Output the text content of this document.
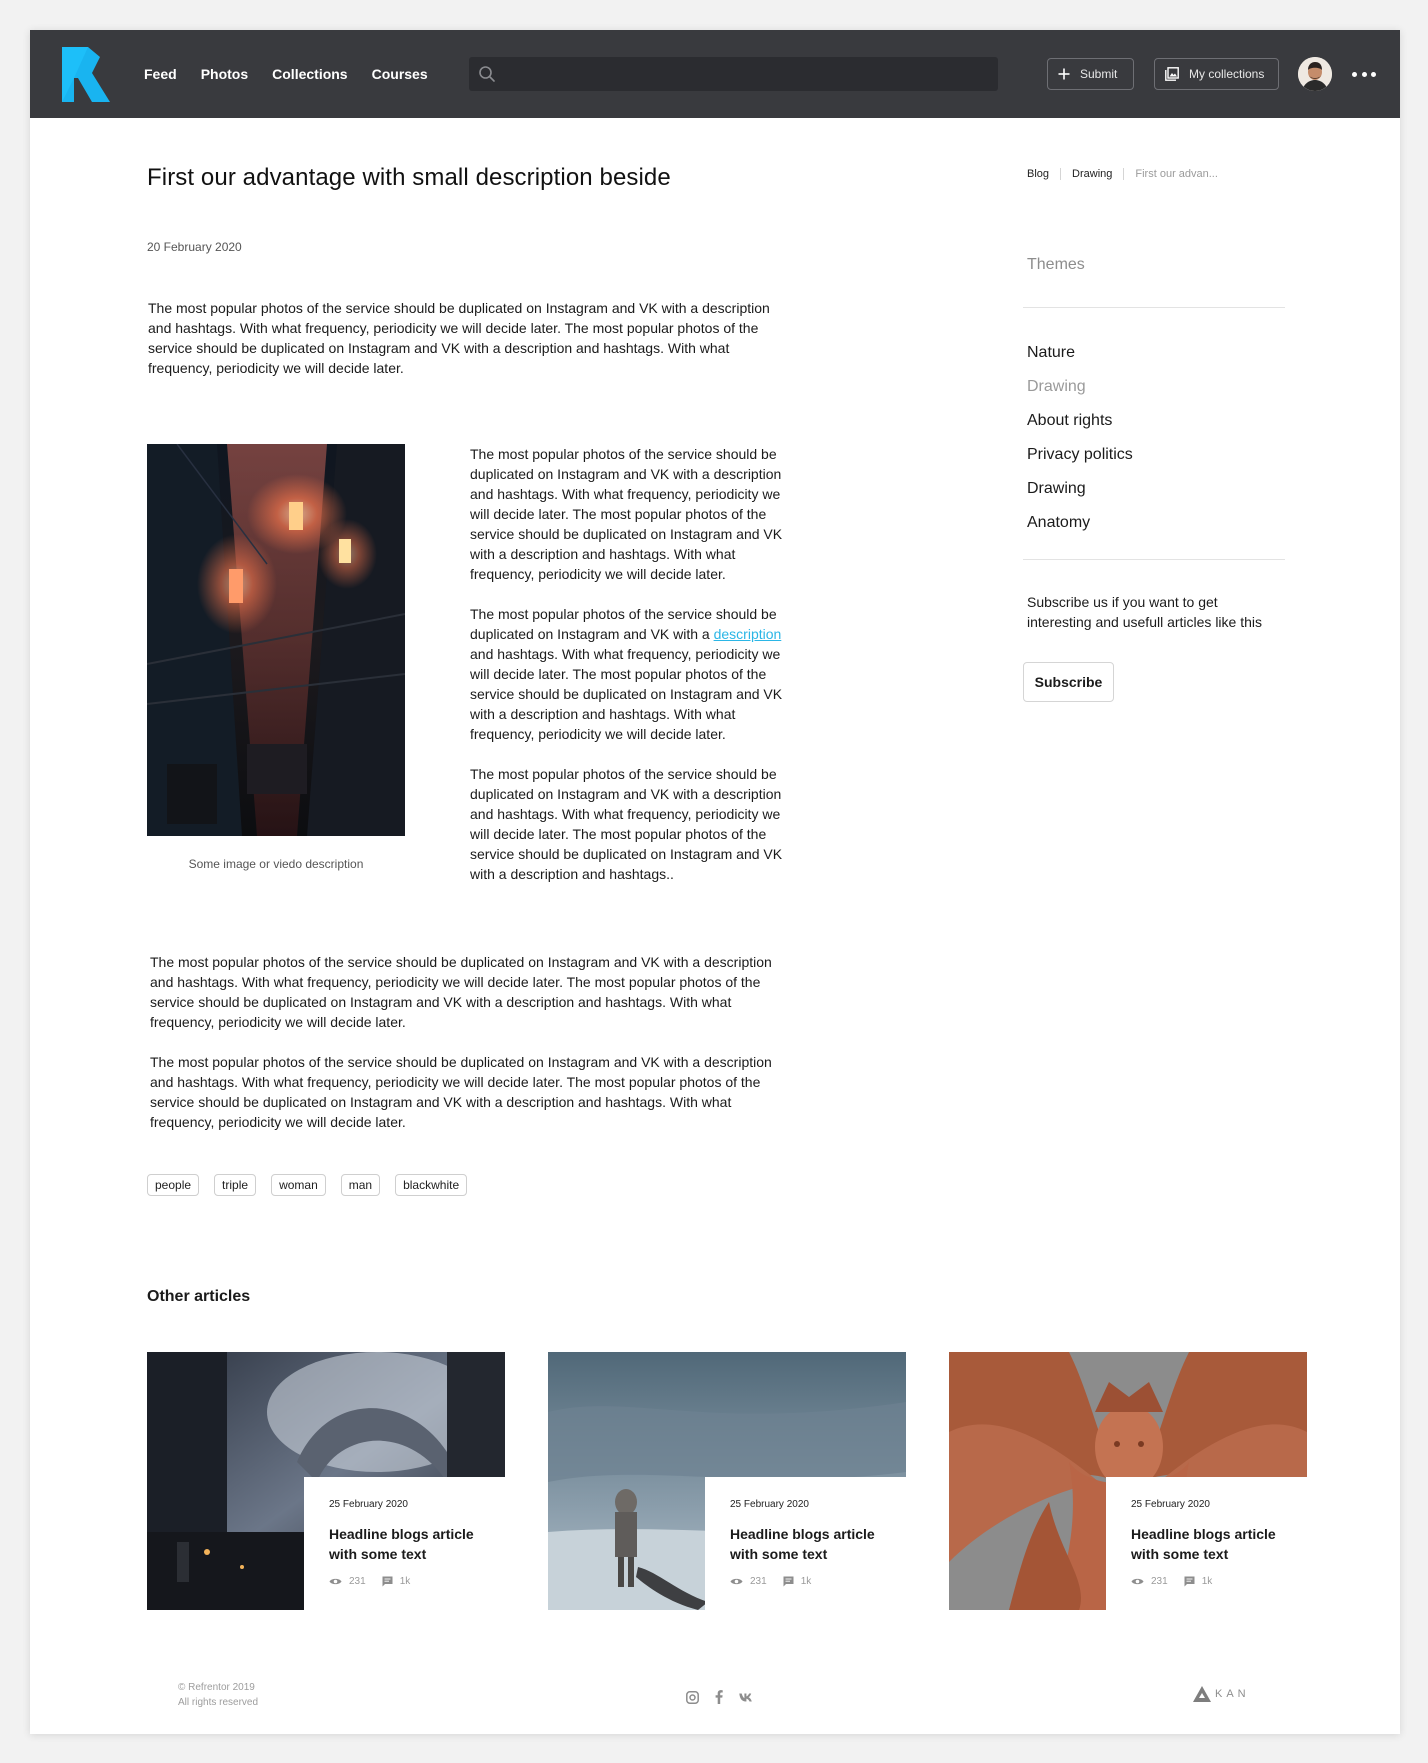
Feed Photos Collections Courses	Submit	My collections
First our advantage with small description beside
20 February 2020

The most popular photos of the service should be duplicated on Instagram and VK with a description and hashtags. With what frequency, periodicity we will decide later. The most popular photos of the service should be duplicated on Instagram and VK with a description and hashtags. With what frequency, periodicity we will decide later.

Some image or viedo description

The most popular photos of the service should be duplicated on Instagram and VK with a description and hashtags. With what frequency, periodicity we will decide later. The most popular photos of the service should be duplicated on Instagram and VK with a description and hashtags. With what frequency, periodicity we will decide later.

The most popular photos of the service should be duplicated on Instagram and VK with a description and hashtags. With what frequency, periodicity we will decide later. The most popular photos of the service should be duplicated on Instagram and VK with a description and hashtags. With what frequency, periodicity we will decide later.

The most popular photos of the service should be duplicated on Instagram and VK with a description and hashtags. With what frequency, periodicity we will decide later. The most popular photos of the service should be duplicated on Instagram and VK with a description and hashtags..

The most popular photos of the service should be duplicated on Instagram and VK with a description and hashtags. With what frequency, periodicity we will decide later. The most popular photos of the service should be duplicated on Instagram and VK with a description and hashtags. With what frequency, periodicity we will decide later.

The most popular photos of the service should be duplicated on Instagram and VK with a description and hashtags. With what frequency, periodicity we will decide later. The most popular photos of the service should be duplicated on Instagram and VK with a description and hashtags. With what frequency, periodicity we will decide later.

people	triple	woman	man	blackwhite
Blog	Drawing	First our advan...
Themes
Nature
Drawing
About rights
Privacy politics
Drawing
Anatomy

Subscribe us if you want to get interesting and usefull articles like this

Subscribe
Other articles
25 February 2020
Headline blogs article with some text
231	1k
25 February 2020
Headline blogs article with some text
231	1k
25 February 2020
Headline blogs article with some text
231	1k
© Refrentor 2019
All rights reserved
KAN
